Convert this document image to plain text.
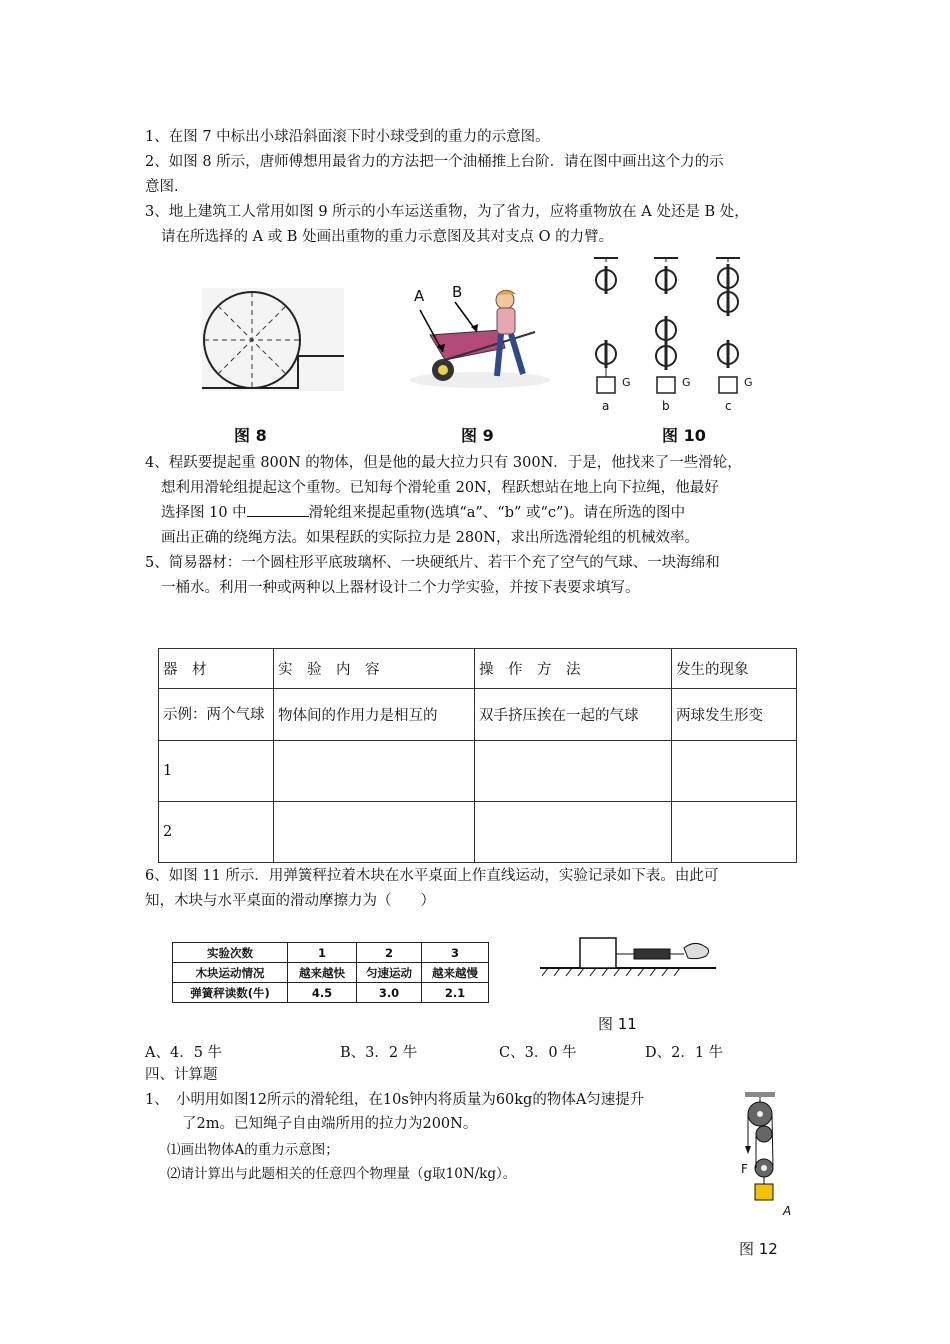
1、在图 7 中标出小球沿斜面滚下时小球受到的重力的示意图。
2、如图 8 所示，唐师傅想用最省力的方法把一个油桶推上台阶．请在图中画出这个力的示
意图.
3、地上建筑工人常用如图 9 所示的小车运送重物，为了省力，应将重物放在 A 处还是 B 处，
请在所选择的 A 或 B 处画出重物的重力示意图及其对支点 O 的力臂。
图 8
A B
图 9
G	G	G
a	b	c
图 10
4、程跃要提起重 800N 的物体，但是他的最大拉力只有 300N．于是，他找来了一些滑轮，
想利用滑轮组提起这个重物。已知每个滑轮重 20N，程跃想站在地上向下拉绳，他最好
选择图 10 中	滑轮组来提起重物(选填“a”、“b” 或“c”)。请在所选的图中
画出正确的绕绳方法。如果程跃的实际拉力是 280N，求出所选滑轮组的机械效率。
5、简易器材：一个圆柱形平底玻璃杯、一块硬纸片、若干个充了空气的气球、一块海绵和
一桶水。利用一种或两种以上器材设计二个力学实验，并按下表要求填写。
器　材	实　验　内　容	操　作　方　法	发生的现象
示例：两个气球	物体间的作用力是相互的	双手挤压挨在一起的气球	两球发生形变
1			
2			
6、如图 11 所示．用弹簧秤拉着木块在水平桌面上作直线运动，实验记录如下表。由此可
知，木块与水平桌面的滑动摩擦力为（　　）
实验次数	1	2	3
木块运动情况	越来越快	匀速运动	越来越慢
弹簧秤读数(牛)	4.5	3.0	2.1
图 11
A、4．5 牛	B、3．2 牛	C、3．0 牛	D、2．1 牛
四、计算题
1、　小明用如图12所示的滑轮组，在10s钟内将质量为60kg的物体A匀速提升
了2m。已知绳子自由端所用的拉力为200N。
⑴画出物体A的重力示意图；
⑵请计算出与此题相关的任意四个物理量（g取10N/kg）。	F
A
图 12
